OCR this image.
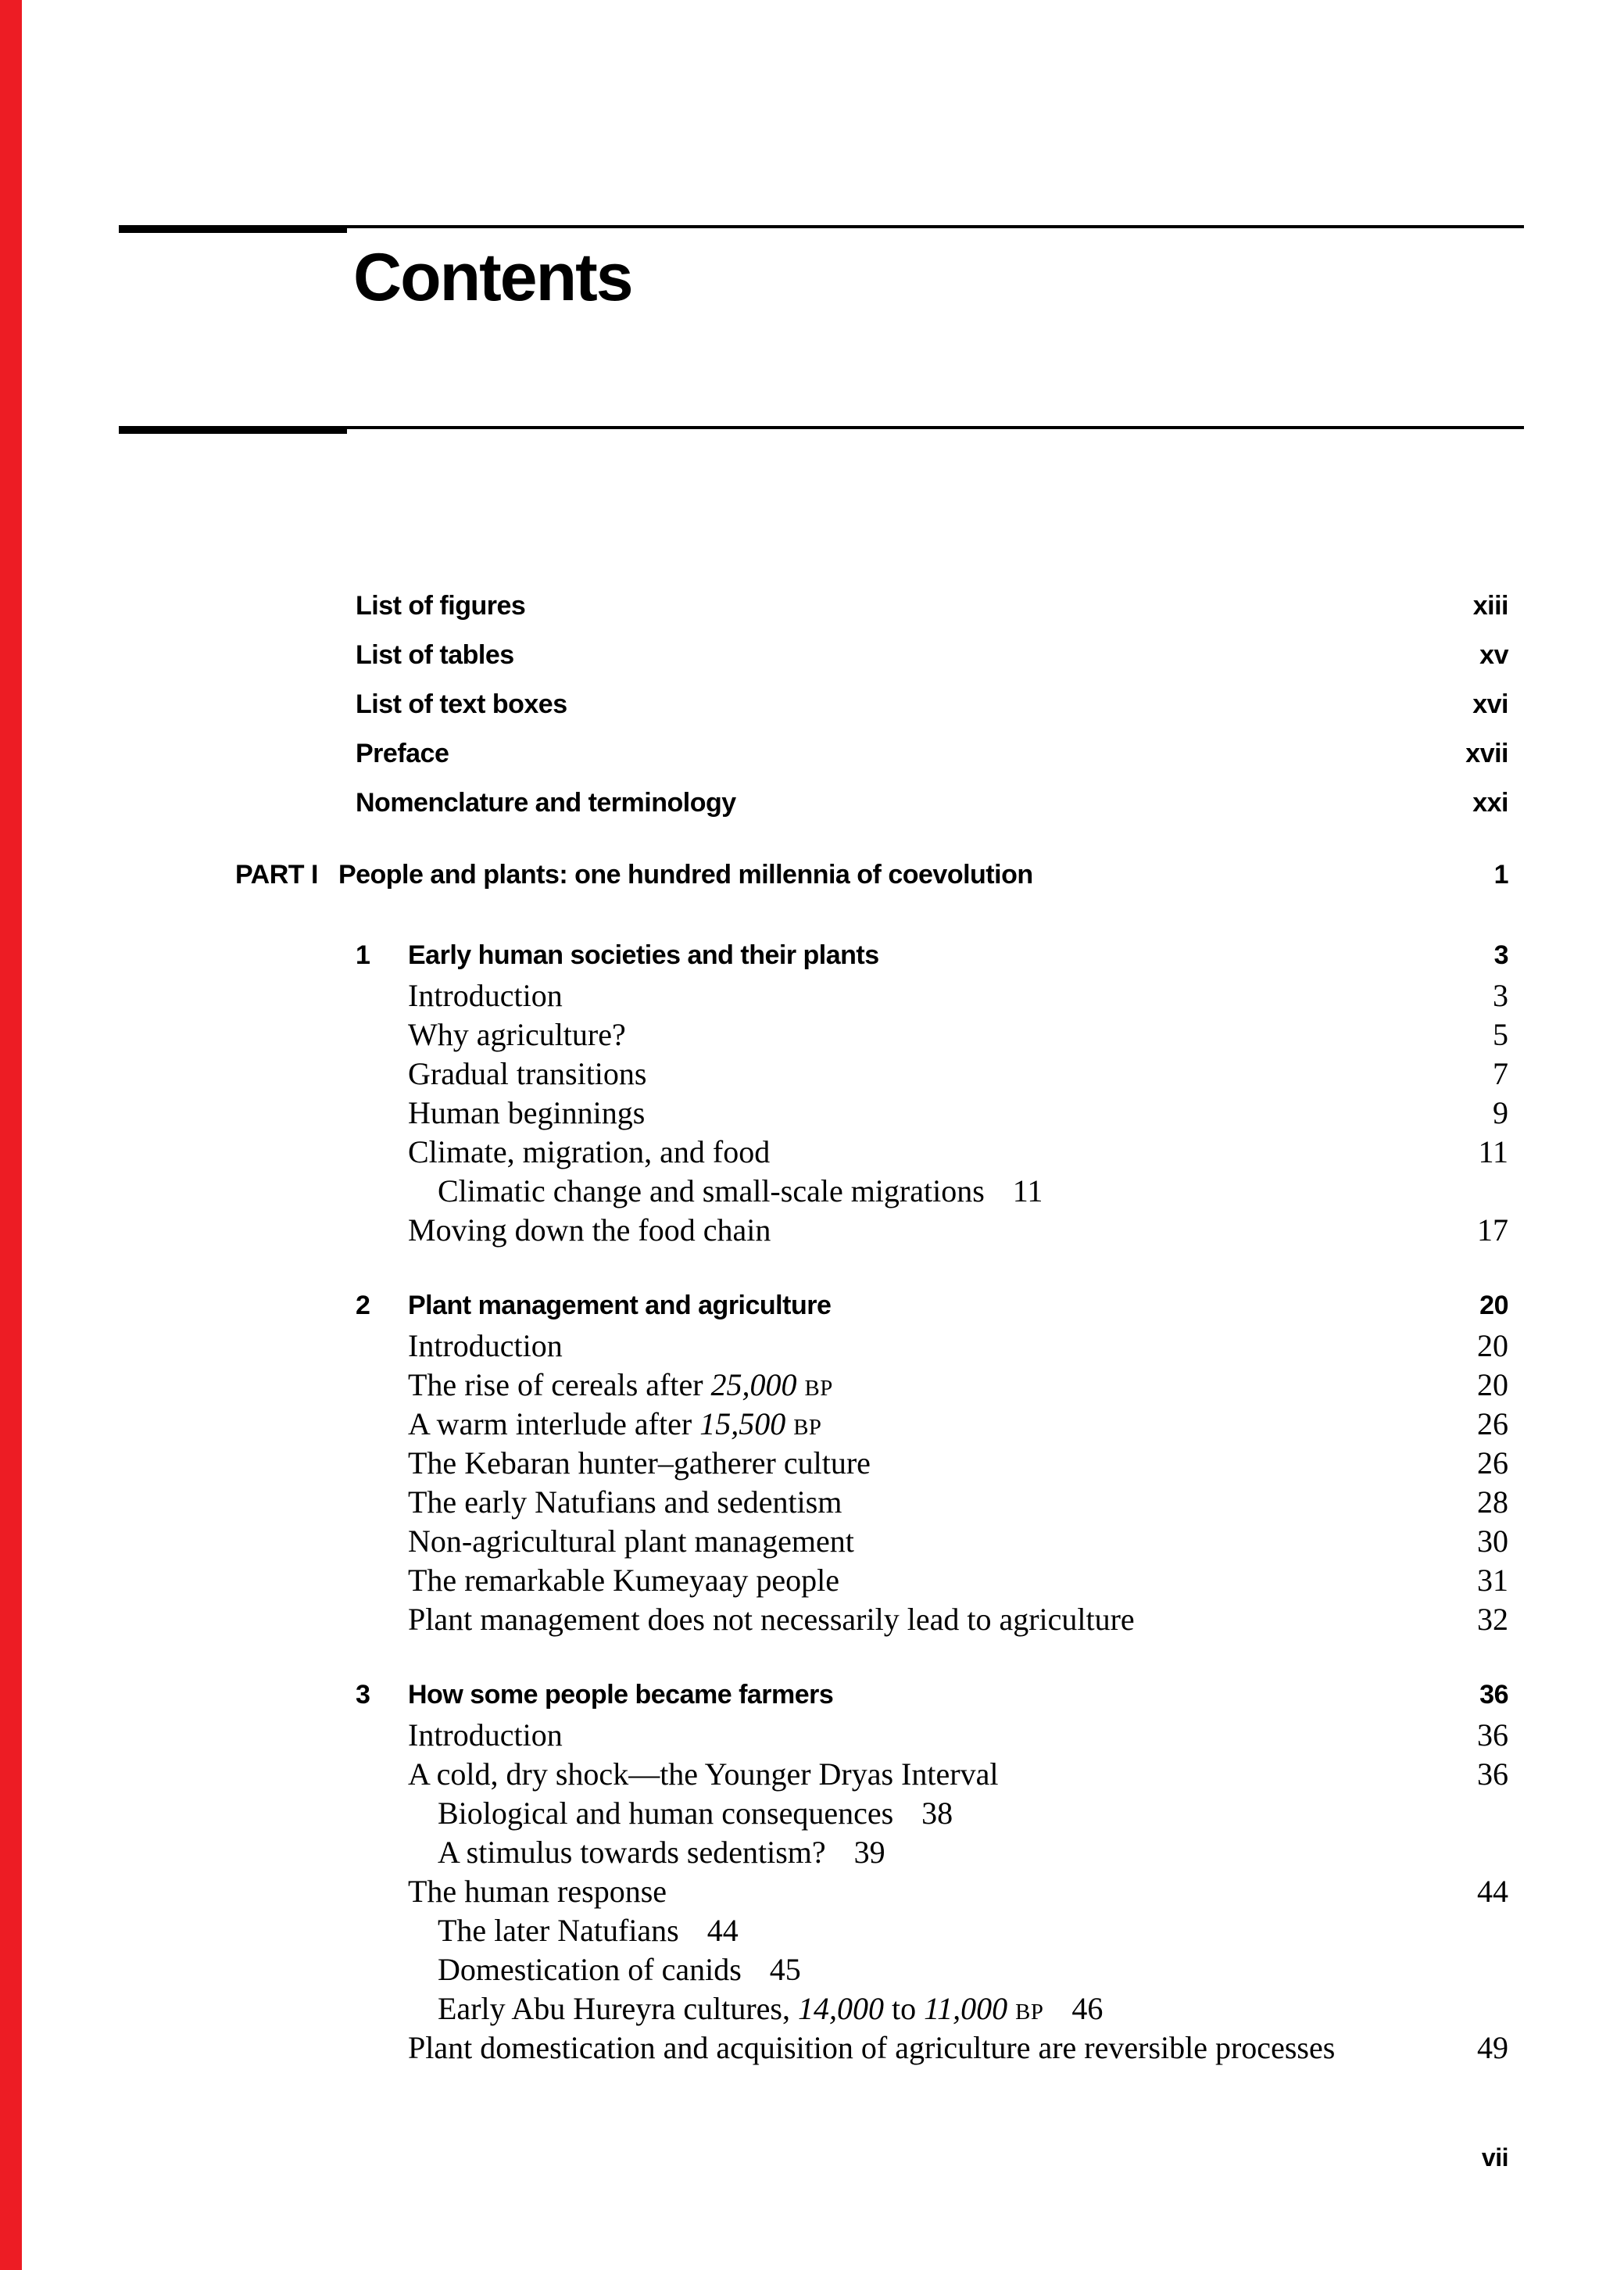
Contents
List of figures	xiii
List of tables	xv
List of text boxes	xvi
Preface	xvii
Nomenclature and terminology	xxi
PART I People and plants: one hundred millennia of coevolution	1
1	Early human societies and their plants	3
Introduction	3
Why agriculture?	5
Gradual transitions	7
Human beginnings	9
Climate, migration, and food	11
Climatic change and small-scale migrations 11
Moving down the food chain	17
2	Plant management and agriculture	20
Introduction	20
The rise of cereals after 25,000 BP	20
A warm interlude after 15,500 BP	26
The Kebaran hunter–gatherer culture	26
The early Natufians and sedentism	28
Non-agricultural plant management	30
The remarkable Kumeyaay people	31
Plant management does not necessarily lead to agriculture	32
3	How some people became farmers	36
Introduction	36
A cold, dry shock—the Younger Dryas Interval	36
Biological and human consequences 38
A stimulus towards sedentism? 39
The human response	44
The later Natufians 44
Domestication of canids 45
Early Abu Hureyra cultures, 14,000 to 11,000 BP 46
Plant domestication and acquisition of agriculture are reversible processes	49
vii
